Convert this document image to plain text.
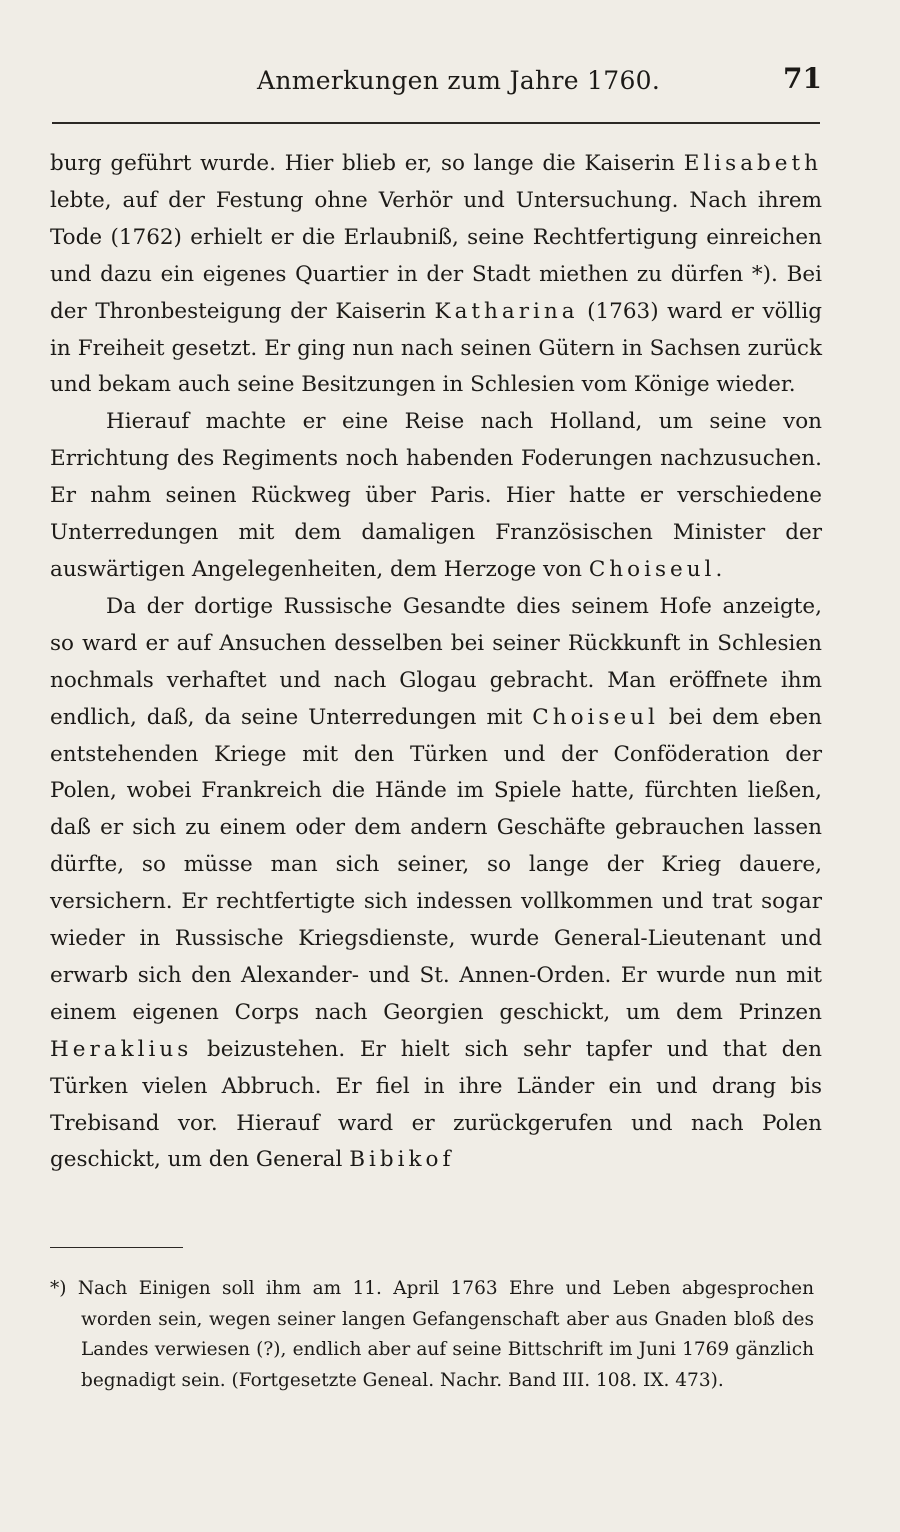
Anmerkungen zum Jahre 1760.	71

burg geführt wurde. Hier blieb er, so lange die Kaiserin Elisabeth lebte, auf der Festung ohne Verhör und Untersuchung. Nach ihrem Tode (1762) erhielt er die Erlaubniß, seine Rechtfertigung einreichen und dazu ein eigenes Quartier in der Stadt miethen zu dürfen *). Bei der Thronbesteigung der Kaiserin Katharina (1763) ward er völlig in Freiheit gesetzt. Er ging nun nach seinen Gütern in Sachsen zurück und bekam auch seine Besitzungen in Schlesien vom Könige wieder.

Hierauf machte er eine Reise nach Holland, um seine von Errichtung des Regiments noch habenden Foderungen nachzusuchen. Er nahm seinen Rückweg über Paris. Hier hatte er verschiedene Unterredungen mit dem damaligen Französischen Minister der auswärtigen Angelegenheiten, dem Herzoge von Choiseul.

Da der dortige Russische Gesandte dies seinem Hofe anzeigte, so ward er auf Ansuchen desselben bei seiner Rückkunft in Schlesien nochmals verhaftet und nach Glogau gebracht. Man eröffnete ihm endlich, daß, da seine Unterredungen mit Choiseul bei dem eben entstehenden Kriege mit den Türken und der Conföderation der Polen, wobei Frankreich die Hände im Spiele hatte, fürchten ließen, daß er sich zu einem oder dem andern Geschäfte gebrauchen lassen dürfte, so müsse man sich seiner, so lange der Krieg dauere, versichern. Er rechtfertigte sich indessen vollkommen und trat sogar wieder in Russische Kriegsdienste, wurde General-Lieutenant und erwarb sich den Alexander- und St. Annen-Orden. Er wurde nun mit einem eigenen Corps nach Georgien geschickt, um dem Prinzen Heraklius beizustehen. Er hielt sich sehr tapfer und that den Türken vielen Abbruch. Er fiel in ihre Länder ein und drang bis Trebisand vor. Hierauf ward er zurückgerufen und nach Polen geschickt, um den General Bibikof

*) Nach Einigen soll ihm am 11. April 1763 Ehre und Leben abgesprochen worden sein, wegen seiner langen Gefangenschaft aber aus Gnaden bloß des Landes verwiesen (?), endlich aber auf seine Bittschrift im Juni 1769 gänzlich begnadigt sein. (Fortgesetzte Geneal. Nachr. Band III. 108. IX. 473).
